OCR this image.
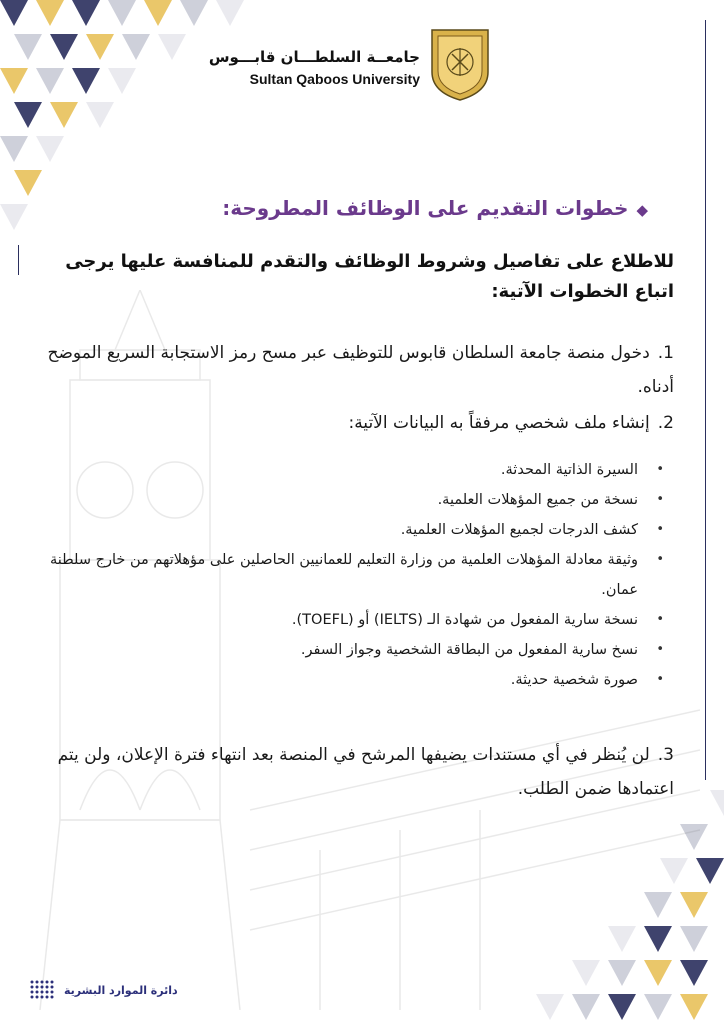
جامعــة السلطـــان قابـــوس
Sultan Qaboos University
◆خطوات التقديم على الوظائف المطروحة:
للاطلاع على تفاصيل وشروط الوظائف والتقدم للمنافسة عليها يرجى اتباع الخطوات الآتية:
1.دخول منصة جامعة السلطان قابوس للتوظيف عبر مسح رمز الاستجابة السريع الموضح أدناه.
2.إنشاء ملف شخصي مرفقاً به البيانات الآتية:
• السيرة الذاتية المحدثة.
• نسخة من جميع المؤهلات العلمية.
• كشف الدرجات لجميع المؤهلات العلمية.
• وثيقة معادلة المؤهلات العلمية من وزارة التعليم للعمانيين الحاصلين على مؤهلاتهم من خارج سلطنة عمان.
• نسخة سارية المفعول من شهادة الـ (IELTS) أو (TOEFL).
• نسخ سارية المفعول من البطاقة الشخصية وجواز السفر.
• صورة شخصية حديثة.
3.لن يُنظر في أي مستندات يضيفها المرشح في المنصة بعد انتهاء فترة الإعلان، ولن يتم اعتمادها ضمن الطلب.
دائرة الموارد البشرية
